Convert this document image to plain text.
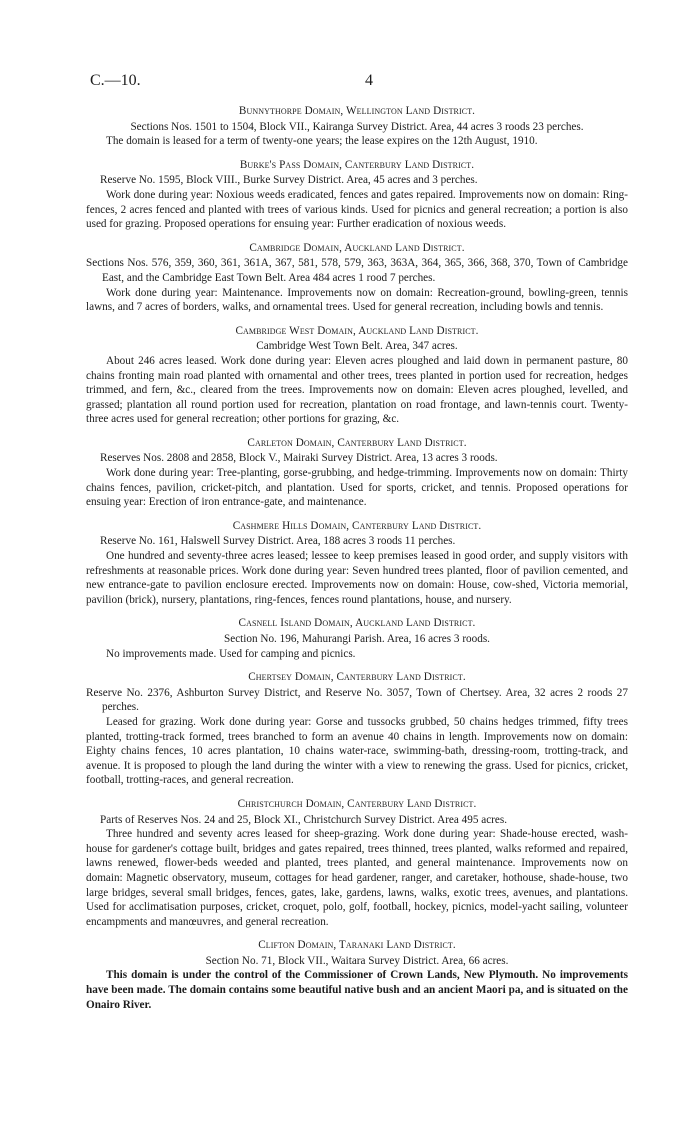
C.—10.	4
Bunnythorpe Domain, Wellington Land District.
Sections Nos. 1501 to 1504, Block VII., Kairanga Survey District. Area, 44 acres 3 roods 23 perches.
The domain is leased for a term of twenty-one years; the lease expires on the 12th August, 1910.
Burke's Pass Domain, Canterbury Land District.
Reserve No. 1595, Block VIII., Burke Survey District. Area, 45 acres and 3 perches.
Work done during year: Noxious weeds eradicated, fences and gates repaired. Improvements now on domain: Ring-fences, 2 acres fenced and planted with trees of various kinds. Used for picnics and general recreation; a portion is also used for grazing. Proposed operations for ensuing year: Further eradication of noxious weeds.
Cambridge Domain, Auckland Land District.
Sections Nos. 576, 359, 360, 361, 361A, 367, 581, 578, 579, 363, 363A, 364, 365, 366, 368, 370, Town of Cambridge East, and the Cambridge East Town Belt. Area 484 acres 1 rood 7 perches.
Work done during year: Maintenance. Improvements now on domain: Recreation-ground, bowling-green, tennis lawns, and 7 acres of borders, walks, and ornamental trees. Used for general recreation, including bowls and tennis.
Cambridge West Domain, Auckland Land District.
Cambridge West Town Belt. Area, 347 acres.
About 246 acres leased. Work done during year: Eleven acres ploughed and laid down in permanent pasture, 80 chains fronting main road planted with ornamental and other trees, trees planted in portion used for recreation, hedges trimmed, and fern, &c., cleared from the trees. Improvements now on domain: Eleven acres ploughed, levelled, and grassed; plantation all round portion used for recreation, plantation on road frontage, and lawn-tennis court. Twenty-three acres used for general recreation; other portions for grazing, &c.
Carleton Domain, Canterbury Land District.
Reserves Nos. 2808 and 2858, Block V., Mairaki Survey District. Area, 13 acres 3 roods.
Work done during year: Tree-planting, gorse-grubbing, and hedge-trimming. Improvements now on domain: Thirty chains fences, pavilion, cricket-pitch, and plantation. Used for sports, cricket, and tennis. Proposed operations for ensuing year: Erection of iron entrance-gate, and maintenance.
Cashmere Hills Domain, Canterbury Land District.
Reserve No. 161, Halswell Survey District. Area, 188 acres 3 roods 11 perches.
One hundred and seventy-three acres leased; lessee to keep premises leased in good order, and supply visitors with refreshments at reasonable prices. Work done during year: Seven hundred trees planted, floor of pavilion cemented, and new entrance-gate to pavilion enclosure erected. Improvements now on domain: House, cow-shed, Victoria memorial, pavilion (brick), nursery, plantations, ring-fences, fences round plantations, house, and nursery.
Casnell Island Domain, Auckland Land District.
Section No. 196, Mahurangi Parish. Area, 16 acres 3 roods.
No improvements made. Used for camping and picnics.
Chertsey Domain, Canterbury Land District.
Reserve No. 2376, Ashburton Survey District, and Reserve No. 3057, Town of Chertsey. Area, 32 acres 2 roods 27 perches.
Leased for grazing. Work done during year: Gorse and tussocks grubbed, 50 chains hedges trimmed, fifty trees planted, trotting-track formed, trees branched to form an avenue 40 chains in length. Improvements now on domain: Eighty chains fences, 10 acres plantation, 10 chains water-race, swimming-bath, dressing-room, trotting-track, and avenue. It is proposed to plough the land during the winter with a view to renewing the grass. Used for picnics, cricket, football, trotting-races, and general recreation.
Christchurch Domain, Canterbury Land District.
Parts of Reserves Nos. 24 and 25, Block XI., Christchurch Survey District. Area 495 acres.
Three hundred and seventy acres leased for sheep-grazing. Work done during year: Shade-house erected, wash-house for gardener's cottage built, bridges and gates repaired, trees thinned, trees planted, walks reformed and repaired, lawns renewed, flower-beds weeded and planted, trees planted, and general maintenance. Improvements now on domain: Magnetic observatory, museum, cottages for head gardener, ranger, and caretaker, hothouse, shade-house, two large bridges, several small bridges, fences, gates, lake, gardens, lawns, walks, exotic trees, avenues, and plantations. Used for acclimatisation purposes, cricket, croquet, polo, golf, football, hockey, picnics, model-yacht sailing, volunteer encampments and manœuvres, and general recreation.
Clifton Domain, Taranaki Land District.
Section No. 71, Block VII., Waitara Survey District. Area, 66 acres.
This domain is under the control of the Commissioner of Crown Lands, New Plymouth. No improvements have been made. The domain contains some beautiful native bush and an ancient Maori pa, and is situated on the Onairo River.
